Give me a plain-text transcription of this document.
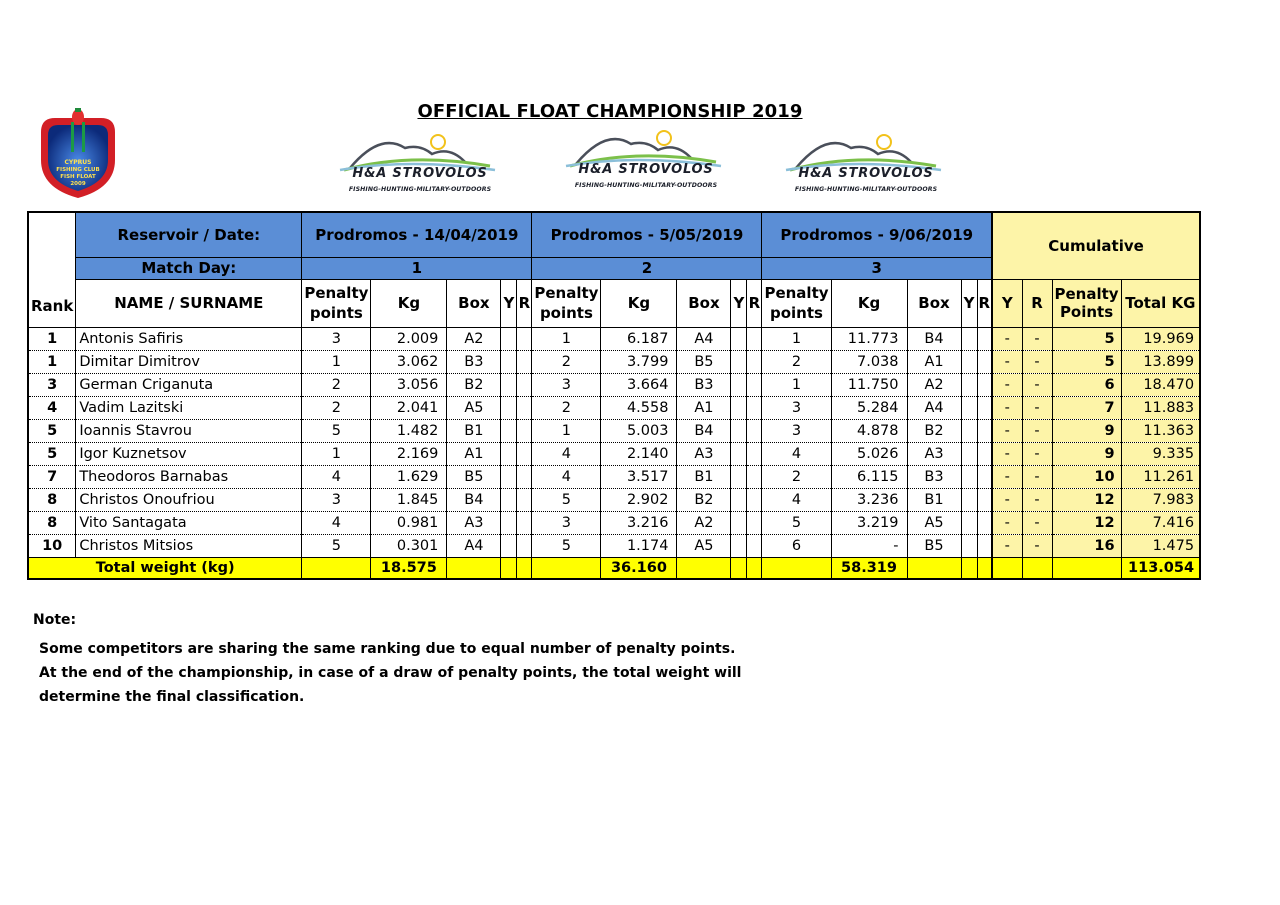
OFFICIAL FLOAT CHAMPIONSHIP 2019
CYPRUS
FISHING CLUB
FISH FLOAT
2009
H&A STROVOLOS
FISHING-HUNTING-MILITARY-OUTDOORS
H&A STROVOLOS
FISHING-HUNTING-MILITARY-OUTDOORS
H&A STROVOLOS
FISHING-HUNTING-MILITARY-OUTDOORS
Rank	Reservoir / Date:	Prodromos - 14/04/2019					Prodromos - 5/05/2019					Prodromos - 9/06/2019					Cumulative			
	Match Day:	1					2					3								
	NAME / SURNAME	Penalty points	Kg	Box	Y	R	Penalty points	Kg	Box	Y	R	Penalty points	Kg	Box	Y	R	Y	R	Penalty Points	Total KG
1	Antonis Safiris	3	2.009	A2			1	6.187	A4			1	11.773	B4			-	-	5	19.969
1	Dimitar Dimitrov	1	3.062	B3			2	3.799	B5			2	7.038	A1			-	-	5	13.899
3	German Criganuta	2	3.056	B2			3	3.664	B3			1	11.750	A2			-	-	6	18.470
4	Vadim Lazitski	2	2.041	A5			2	4.558	A1			3	5.284	A4			-	-	7	11.883
5	Ioannis Stavrou	5	1.482	B1			1	5.003	B4			3	4.878	B2			-	-	9	11.363
5	Igor Kuznetsov	1	2.169	A1			4	2.140	A3			4	5.026	A3			-	-	9	9.335
7	Theodoros Barnabas	4	1.629	B5			4	3.517	B1			2	6.115	B3			-	-	10	11.261
8	Christos Onoufriou	3	1.845	B4			5	2.902	B2			4	3.236	B1			-	-	12	7.983
8	Vito Santagata	4	0.981	A3			3	3.216	A2			5	3.219	A5			-	-	12	7.416
10	Christos Mitsios	5	0.301	A4			5	1.174	A5			6	-	B5			-	-	16	1.475
Total weight (kg)			18.575					36.160					58.319							113.054
Note:
Some competitors are sharing the same ranking due to equal number of penalty points.
At the end of the championship, in case of a draw of penalty points, the total weight will
determine the final classification.
